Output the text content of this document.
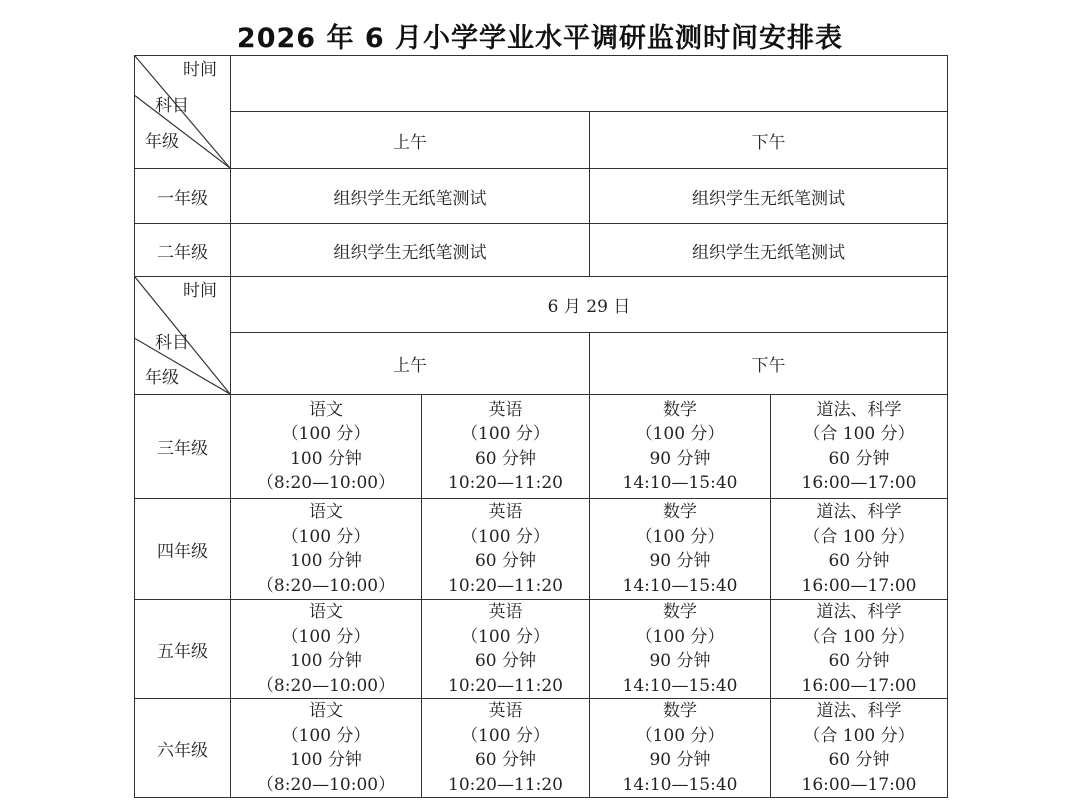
2026 年 6 月小学学业水平调研监测时间安排表
时间
科目
年级				

	上午		下午	
一年级	组织学生无纸笔测试		组织学生无纸笔测试	
二年级	组织学生无纸笔测试		组织学生无纸笔测试	

时间
科目
年级	6 月 29 日			
	上午		下午	
三年级	语文
（100 分）
100 分钟
（8:20—10:00）	英语
（100 分）
60 分钟
10:20—11:20	数学
（100 分）
90 分钟
14:10—15:40	道法、科学
（合 100 分）
60 分钟
16:00—17:00

四年级	语文
（100 分）
100 分钟
（8:20—10:00）	英语
（100 分）
60 分钟
10:20—11:20	数学
（100 分）
90 分钟
14:10—15:40	道法、科学
（合 100 分）
60 分钟
16:00—17:00

五年级	语文
（100 分）
100 分钟
（8:20—10:00）	英语
（100 分）
60 分钟
10:20—11:20	数学
（100 分）
90 分钟
14:10—15:40	道法、科学
（合 100 分）
60 分钟
16:00—17:00

六年级	语文
（100 分）
100 分钟
（8:20—10:00）	英语
（100 分）
60 分钟
10:20—11:20	数学
（100 分）
90 分钟
14:10—15:40	道法、科学
（合 100 分）
60 分钟
16:00—17:00
